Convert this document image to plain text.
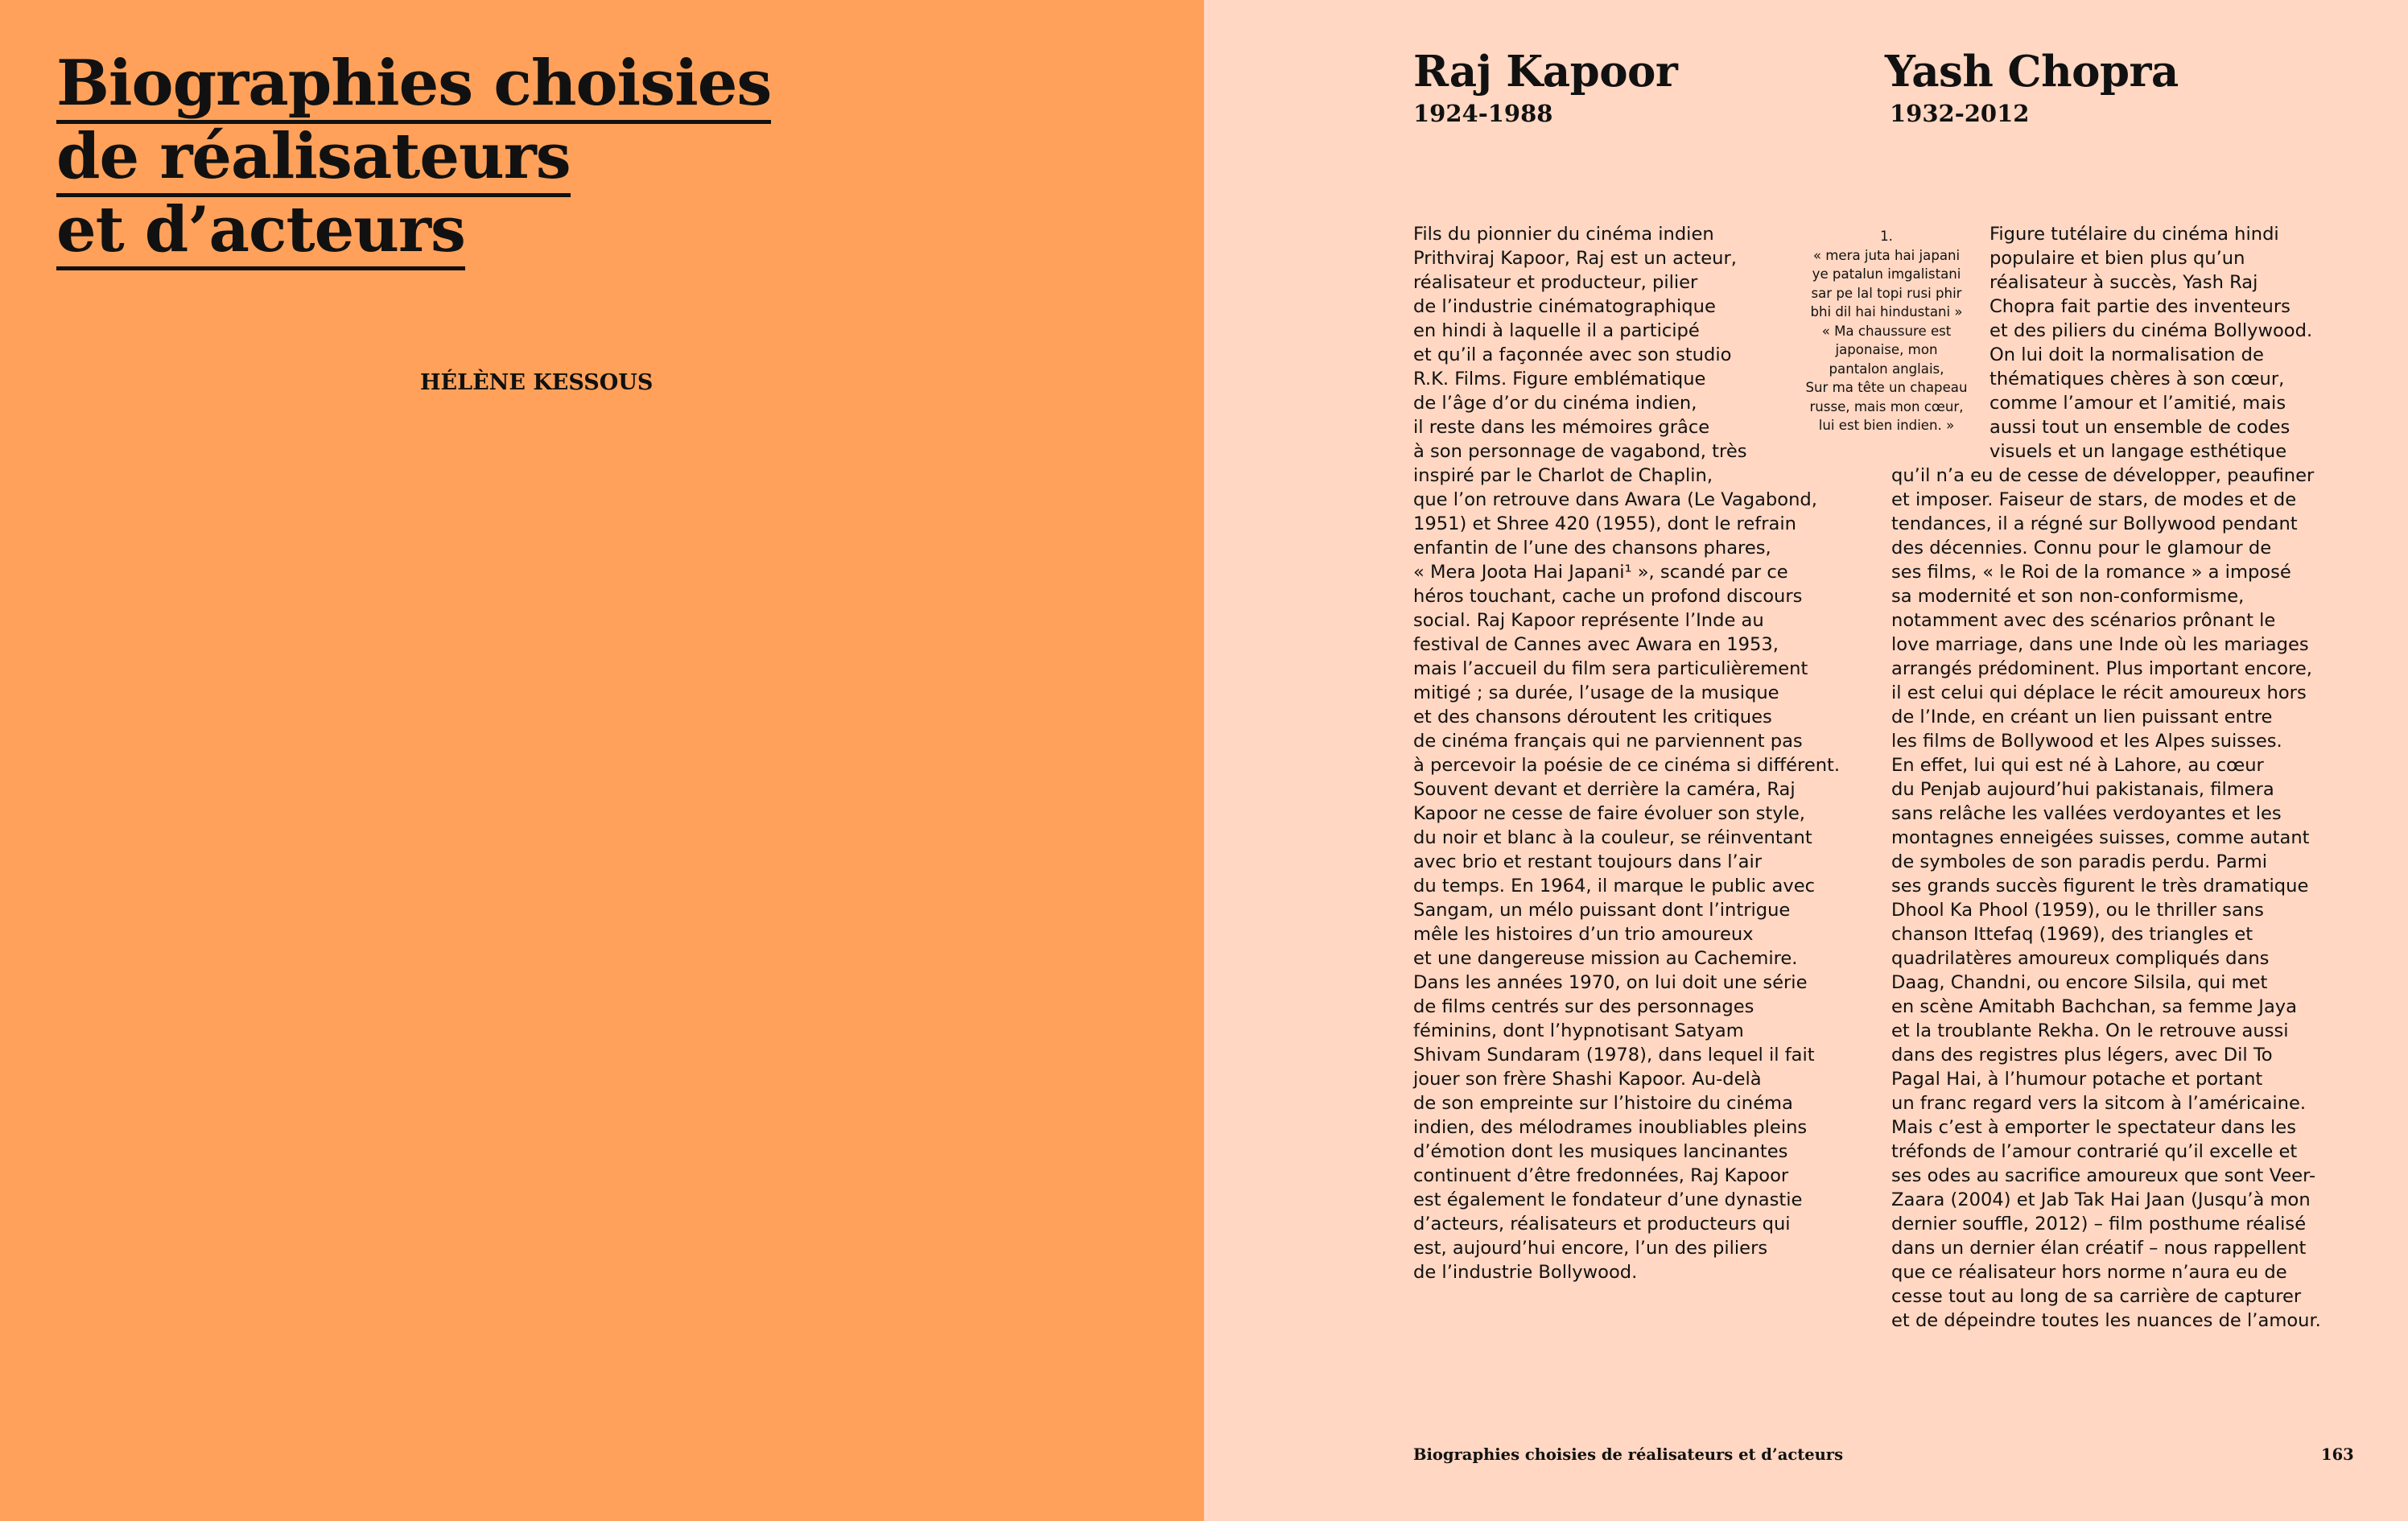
Biographies choisies
de réalisateurs
et d’acteurs
HÉLÈNE KESSOUS
Raj Kapoor
1924-1988
Yash Chopra
1932-2012
Fils du pionnier du cinéma indien
Prithviraj Kapoor, Raj est un acteur,
réalisateur et producteur, pilier
de l’industrie cinématographique
en hindi à laquelle il a participé
et qu’il a façonnée avec son studio
R.K. Films. Figure emblématique
de l’âge d’or du cinéma indien,
il reste dans les mémoires grâce
à son personnage de vagabond, très
inspiré par le Charlot de Chaplin,
que l’on retrouve dans Awara (Le Vagabond,
1951) et Shree 420 (1955), dont le refrain
enfantin de l’une des chansons phares,
« Mera Joota Hai Japani¹ », scandé par ce
héros touchant, cache un profond discours
social. Raj Kapoor représente l’Inde au
festival de Cannes avec Awara en 1953,
mais l’accueil du film sera particulièrement
mitigé ; sa durée, l’usage de la musique
et des chansons déroutent les critiques
de cinéma français qui ne parviennent pas
à percevoir la poésie de ce cinéma si différent.
Souvent devant et derrière la caméra, Raj
Kapoor ne cesse de faire évoluer son style,
du noir et blanc à la couleur, se réinventant
avec brio et restant toujours dans l’air
du temps. En 1964, il marque le public avec
Sangam, un mélo puissant dont l’intrigue
mêle les histoires d’un trio amoureux
et une dangereuse mission au Cachemire.
Dans les années 1970, on lui doit une série
de films centrés sur des personnages
féminins, dont l’hypnotisant Satyam
Shivam Sundaram (1978), dans lequel il fait
jouer son frère Shashi Kapoor. Au-delà
de son empreinte sur l’histoire du cinéma
indien, des mélodrames inoubliables pleins
d’émotion dont les musiques lancinantes
continuent d’être fredonnées, Raj Kapoor
est également le fondateur d’une dynastie
d’acteurs, réalisateurs et producteurs qui
est, aujourd’hui encore, l’un des piliers
de l’industrie Bollywood.
1.
« mera juta hai japani
ye patalun imgalistani
sar pe lal topi rusi phir
bhi dil hai hindustani »
« Ma chaussure est
japonaise, mon
pantalon anglais,
Sur ma tête un chapeau
russe, mais mon cœur,
lui est bien indien. »
Figure tutélaire du cinéma hindi
populaire et bien plus qu’un
réalisateur à succès, Yash Raj
Chopra fait partie des inventeurs
et des piliers du cinéma Bollywood.
On lui doit la normalisation de
thématiques chères à son cœur,
comme l’amour et l’amitié, mais
aussi tout un ensemble de codes
visuels et un langage esthétique
qu’il n’a eu de cesse de développer, peaufiner
et imposer. Faiseur de stars, de modes et de
tendances, il a régné sur Bollywood pendant
des décennies. Connu pour le glamour de
ses films, « le Roi de la romance » a imposé
sa modernité et son non-conformisme,
notamment avec des scénarios prônant le
love marriage, dans une Inde où les mariages
arrangés prédominent. Plus important encore,
il est celui qui déplace le récit amoureux hors
de l’Inde, en créant un lien puissant entre
les films de Bollywood et les Alpes suisses.
En effet, lui qui est né à Lahore, au cœur
du Penjab aujourd’hui pakistanais, filmera
sans relâche les vallées verdoyantes et les
montagnes enneigées suisses, comme autant
de symboles de son paradis perdu. Parmi
ses grands succès figurent le très dramatique
Dhool Ka Phool (1959), ou le thriller sans
chanson Ittefaq (1969), des triangles et
quadrilatères amoureux compliqués dans
Daag, Chandni, ou encore Silsila, qui met
en scène Amitabh Bachchan, sa femme Jaya
et la troublante Rekha. On le retrouve aussi
dans des registres plus légers, avec Dil To
Pagal Hai, à l’humour potache et portant
un franc regard vers la sitcom à l’américaine.
Mais c’est à emporter le spectateur dans les
tréfonds de l’amour contrarié qu’il excelle et
ses odes au sacrifice amoureux que sont Veer-
Zaara (2004) et Jab Tak Hai Jaan (Jusqu’à mon
dernier souffle, 2012) – film posthume réalisé
dans un dernier élan créatif – nous rappellent
que ce réalisateur hors norme n’aura eu de
cesse tout au long de sa carrière de capturer
et de dépeindre toutes les nuances de l’amour.
Biographies choisies de réalisateurs et d’acteurs	163
